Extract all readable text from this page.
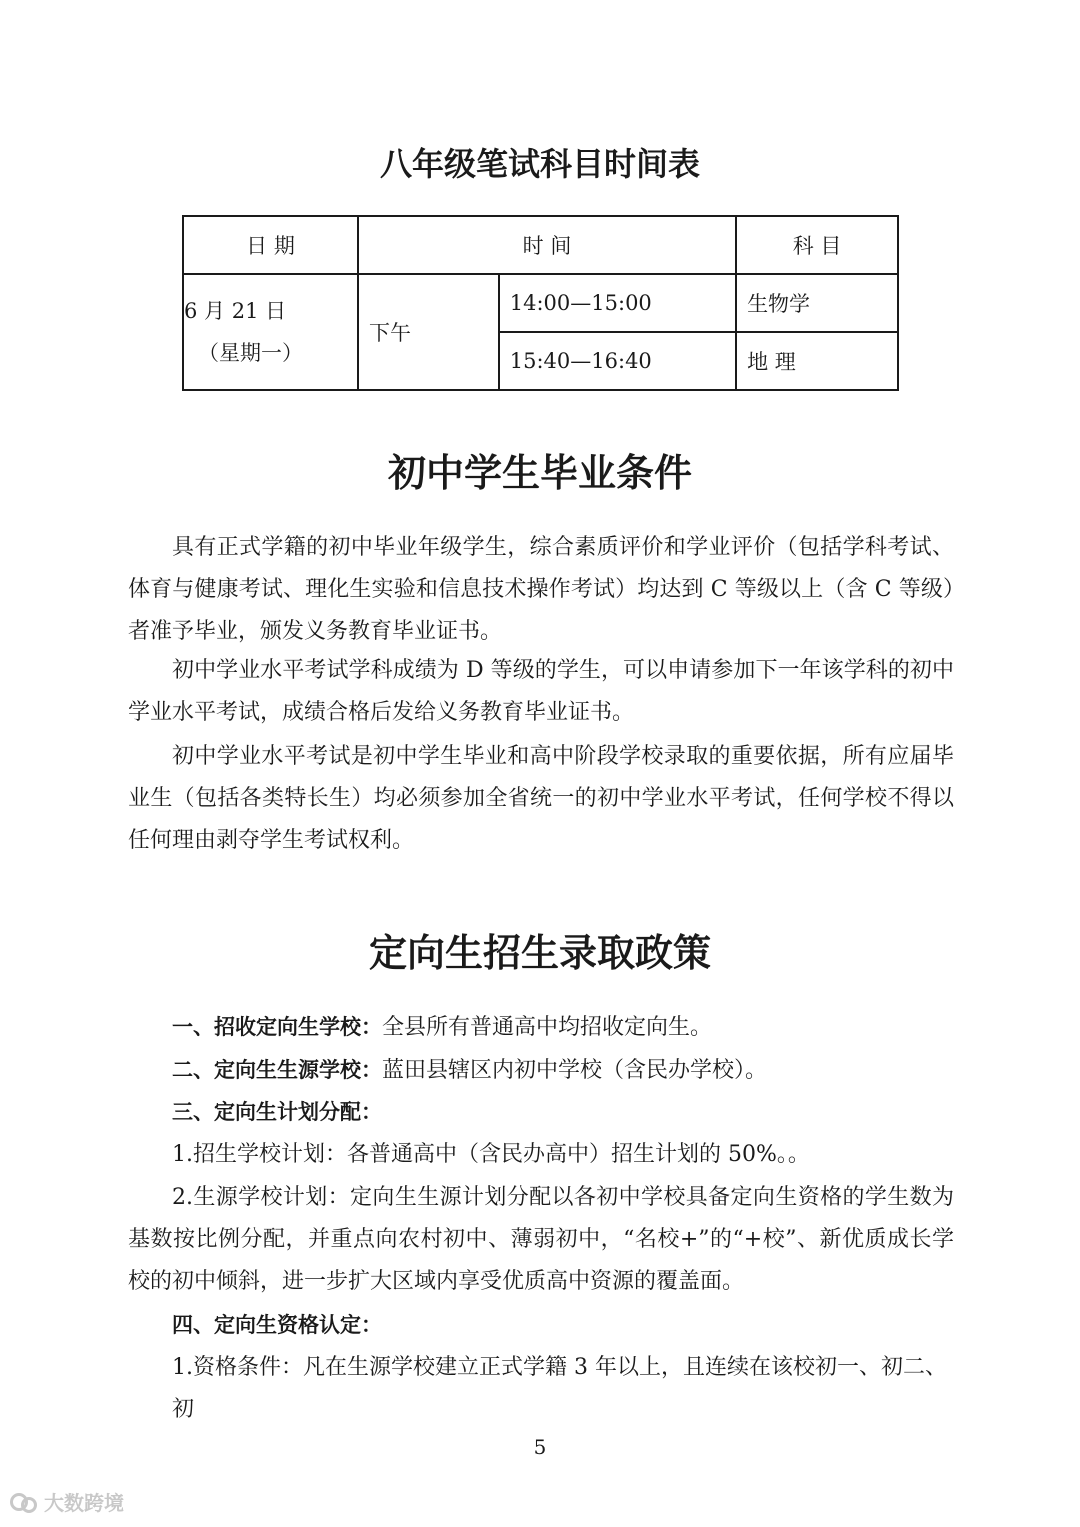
八年级笔试科目时间表
日 期	时 间		科 目

6 月 21 日
（星期一）	下午	14:00—15:00	生物学
		15:40—16:40	地 理
初中学生毕业条件

具有正式学籍的初中毕业年级学生，综合素质评价和学业评价（包括学科考试、体育与健康考试、理化生实验和信息技术操作考试）均达到 C 等级以上（含 C 等级）者准予毕业，颁发义务教育毕业证书。

初中学业水平考试学科成绩为 D 等级的学生，可以申请参加下一年该学科的初中学业水平考试，成绩合格后发给义务教育毕业证书。

初中学业水平考试是初中学生毕业和高中阶段学校录取的重要依据，所有应届毕业生（包括各类特长生）均必须参加全省统一的初中学业水平考试，任何学校不得以任何理由剥夺学生考试权利。

定向生招生录取政策

一、招收定向生学校：全县所有普通高中均招收定向生。

二、定向生生源学校：蓝田县辖区内初中学校（含民办学校）。

三、定向生计划分配：

1.招生学校计划：各普通高中（含民办高中）招生计划的 50%。。

2.生源学校计划：定向生生源计划分配以各初中学校具备定向生资格的学生数为基数按比例分配，并重点向农村初中、薄弱初中，“名校+”的“+校”、新优质成长学校的初中倾斜，进一步扩大区域内享受优质高中资源的覆盖面。

四、定向生资格认定：

1.资格条件：凡在生源学校建立正式学籍 3 年以上，且连续在该校初一、初二、初

5

大数跨境
